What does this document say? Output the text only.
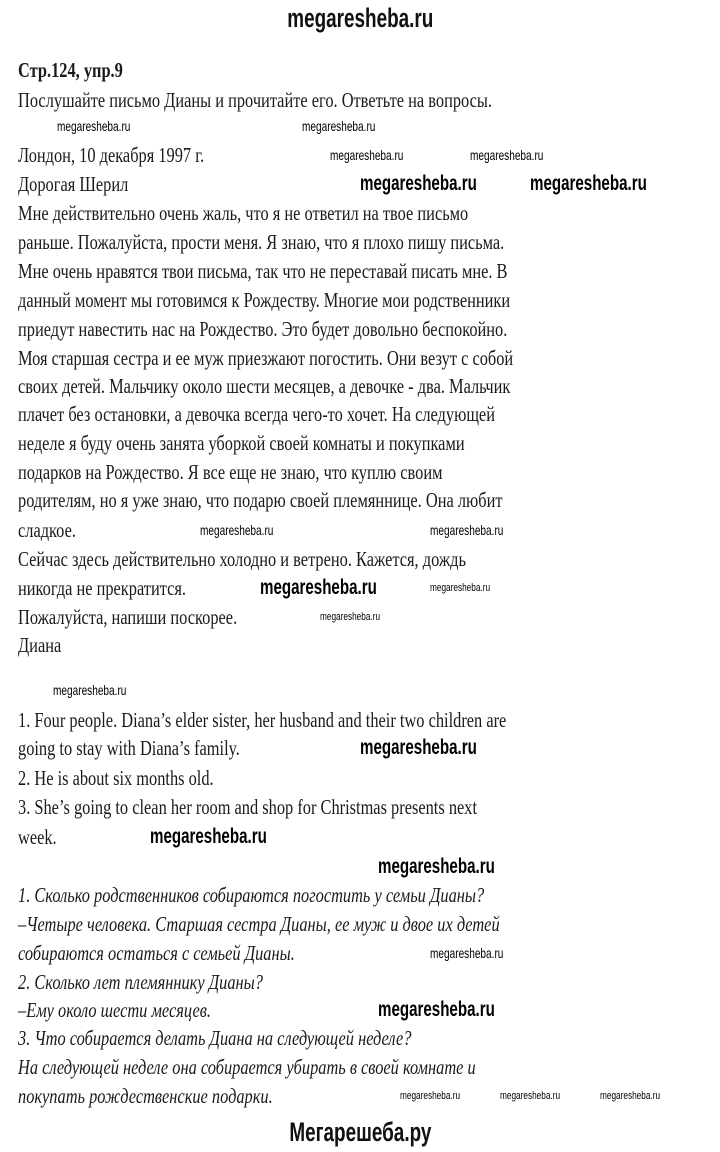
megaresheba.ru
Стр.124, упр.9
Послушайте письмо Дианы и прочитайте его. Ответьте на вопросы.
Лондон, 10 декабря 1997 г.
Дорогая Шерил
Мне действительно очень жаль, что я не ответил на твое письмо
раньше. Пожалуйста, прости меня. Я знаю, что я плохо пишу письма.
Мне очень нравятся твои письма, так что не переставай писать мне. В
данный момент мы готовимся к Рождеству. Многие мои родственники
приедут навестить нас на Рождество. Это будет довольно беспокойно.
Моя старшая сестра и ее муж приезжают погостить. Они везут с собой
своих детей. Мальчику около шести месяцев, а девочке - два. Мальчик
плачет без остановки, а девочка всегда чего-то хочет. На следующей
неделе я буду очень занята уборкой своей комнаты и покупками
подарков на Рождество. Я все еще не знаю, что куплю своим
родителям, но я уже знаю, что подарю своей племяннице. Она любит
сладкое.
Сейчас здесь действительно холодно и ветрено. Кажется, дождь
никогда не прекратится.
Пожалуйста, напиши поскорее.
Диана
1. Four people. Diana’s elder sister, her husband and their two children are
going to stay with Diana’s family.
2. He is about six months old.
3. She’s going to clean her room and shop for Christmas presents next
week.
1. Сколько родственников собираются погостить у семьи Дианы?
–Четыре человека. Старшая сестра Дианы, ее муж и двое их детей
собираются остаться с семьей Дианы.
2. Сколько лет племяннику Дианы?
–Ему около шести месяцев.
3. Что собирается делать Диана на следующей неделе?
На следующей неделе она собирается убирать в своей комнате и
покупать рождественские подарки.
megaresheba.ru	megaresheba.ru
megaresheba.ru	megaresheba.ru
megaresheba.ru	megaresheba.ru
megaresheba.ru	megaresheba.ru
megaresheba.ru	megaresheba.ru
megaresheba.ru
megaresheba.ru
megaresheba.ru
megaresheba.ru
megaresheba.ru
megaresheba.ru
megaresheba.ru
megaresheba.ru	megaresheba.ru	megaresheba.ru
Мегарешеба.ру
